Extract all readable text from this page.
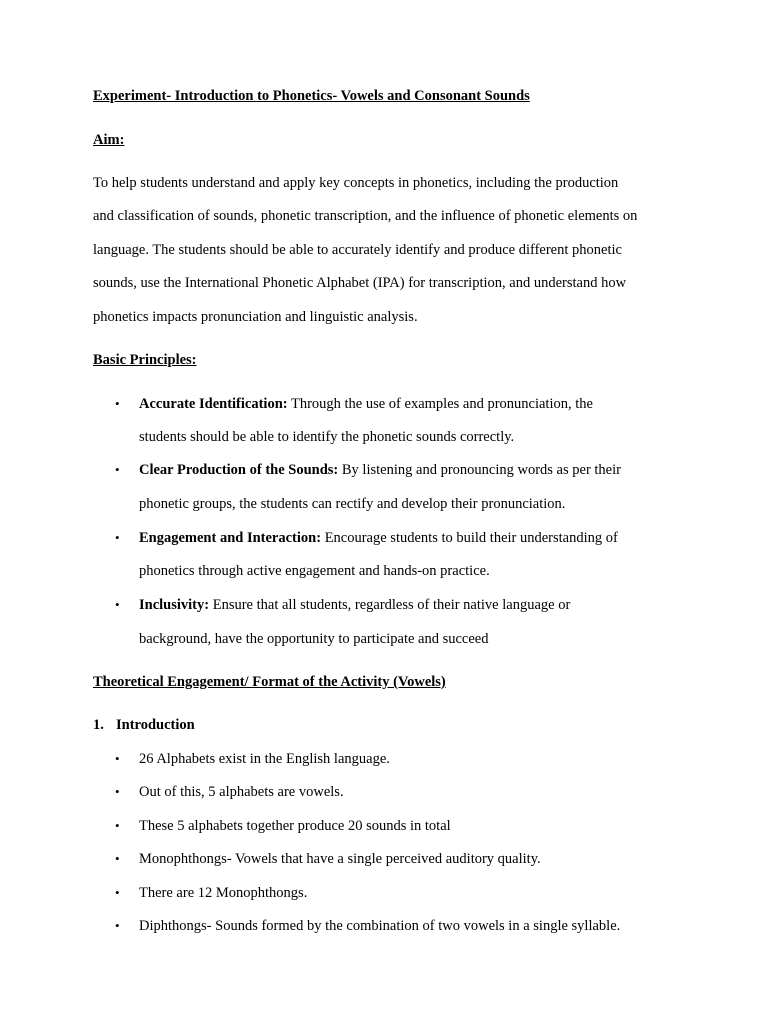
Experiment- Introduction to Phonetics- Vowels and Consonant Sounds
Aim:
To help students understand and apply key concepts in phonetics, including the production
and classification of sounds, phonetic transcription, and the influence of phonetic elements on
language. The students should be able to accurately identify and produce different phonetic
sounds, use the International Phonetic Alphabet (IPA) for transcription, and understand how
phonetics impacts pronunciation and linguistic analysis.
Basic Principles:
• Accurate Identification: Through the use of examples and pronunciation, the
students should be able to identify the phonetic sounds correctly.
• Clear Production of the Sounds: By listening and pronouncing words as per their
phonetic groups, the students can rectify and develop their pronunciation.
• Engagement and Interaction: Encourage students to build their understanding of
phonetics through active engagement and hands-on practice.
• Inclusivity: Ensure that all students, regardless of their native language or
background, have the opportunity to participate and succeed
Theoretical Engagement/ Format of the Activity (Vowels)
1. Introduction
• 26 Alphabets exist in the English language.
• Out of this, 5 alphabets are vowels.
• These 5 alphabets together produce 20 sounds in total
• Monophthongs- Vowels that have a single perceived auditory quality.
• There are 12 Monophthongs.
• Diphthongs- Sounds formed by the combination of two vowels in a single syllable.
